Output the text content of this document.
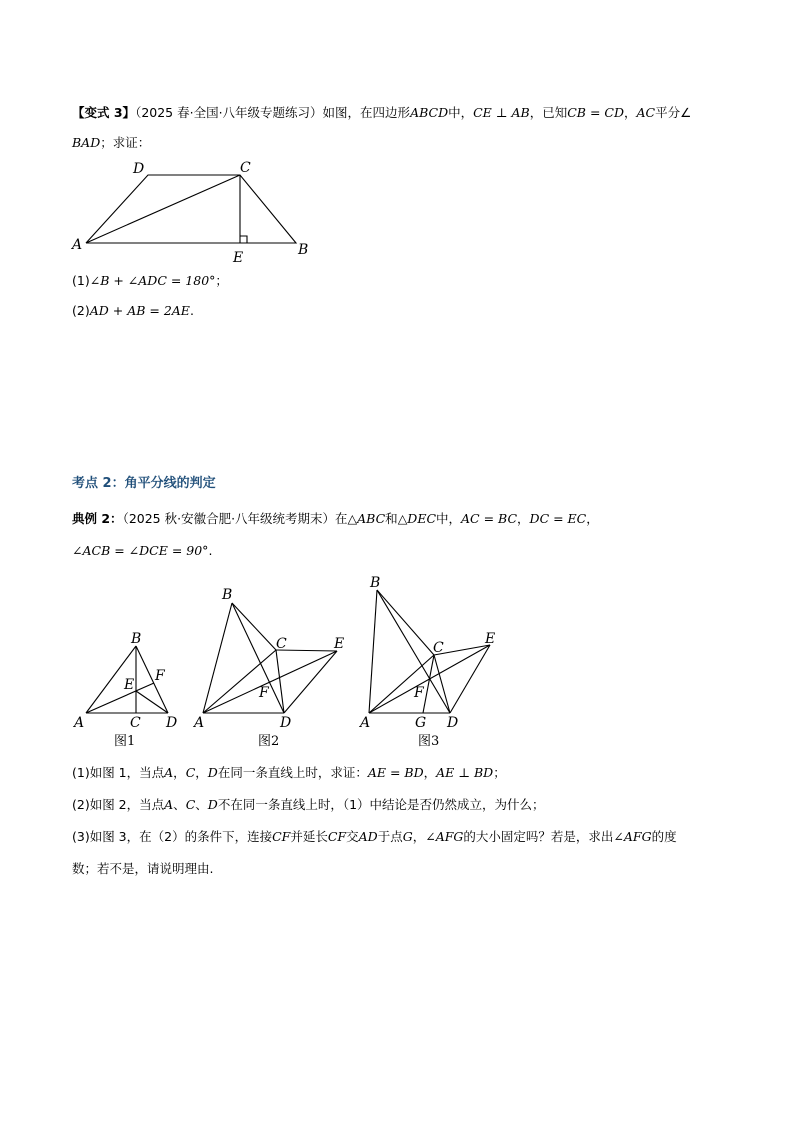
【变式 3】（2025 春·全国·八年级专题练习）如图，在四边形ABCD中，CE ⊥ AB，已知CB = CD，AC平分∠
BAD；求证：
(1)∠B + ∠ADC = 180°；
(2)AD + AB = 2AE.
考点 2：角平分线的判定
典例 2：（2025 秋·安徽合肥·八年级统考期末）在△ABC和△DEC中，AC = BC，DC = EC，
∠ACB = ∠DCE = 90°.
(1)如图 1，当点A，C，D在同一条直线上时，求证：AE = BD，AE ⊥ BD；
(2)如图 2，当点A、C、D不在同一条直线上时，（1）中结论是否仍然成立，为什么；
(3)如图 3，在（2）的条件下，连接CF并延长CF交AD于点G，∠AFG的大小固定吗？若是，求出∠AFG的度
数；若不是，请说明理由.
A
D	C
E	B
B
E
F
A	C D
图1
B
C	E
F
A	D
图2
B
C
E
F
A	G D
图3
